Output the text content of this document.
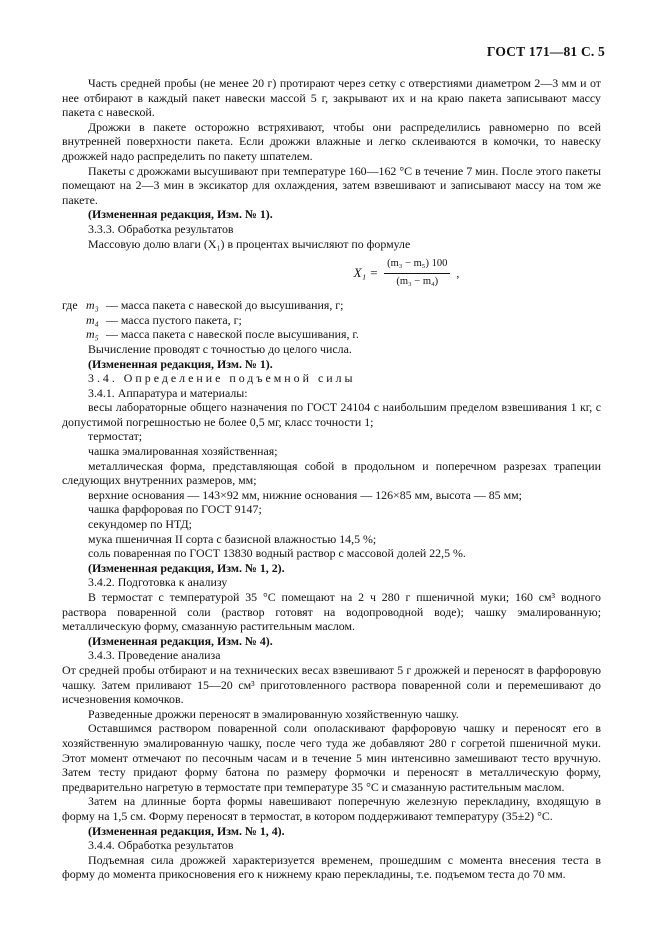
ГОСТ 171—81 С. 5

Часть средней пробы (не менее 20 г) протирают через сетку с отверстиями диаметром 2—3 мм и от нее отбирают в каждый пакет навески массой 5 г, закрывают их и на краю пакета записывают массу пакета с навеской.

Дрожжи в пакете осторожно встряхивают, чтобы они распределились равномерно по всей внутренней поверхности пакета. Если дрожжи влажные и легко склеиваются в комочки, то навеску дрожжей надо распределить по пакету шпателем.

Пакеты с дрожжами высушивают при температуре 160—162 °С в течение 7 мин. После этого пакеты помещают на 2—3 мин в эксикатор для охлаждения, затем взвешивают и записывают массу на том же пакете.

(Измененная редакция, Изм. № 1).

3.3.3. Обработка результатов

Массовую долю влаги (X₁) в процентах вычисляют по формуле

$X_1 = \frac{\text{(m₃ − m₅) 100}}{\text{(m₃ − m₄)}}$ ,
где m₃ — масса пакета с навеской до высушивания, г;
m₄ — масса пустого пакета, г;
m₅ — масса пакета с навеской после высушивания, г.

Вычисление проводят с точностью до целого числа.

(Измененная редакция, Изм. № 1).

3.4. Определение подъемной силы

3.4.1. Аппаратура и материалы:

весы лабораторные общего назначения по ГОСТ 24104 с наибольшим пределом взвешивания 1 кг, с допустимой погрешностью не более 0,5 мг, класс точности 1;

термостат;

чашка эмалированная хозяйственная;

металлическая форма, представляющая собой в продольном и поперечном разрезах трапеции следующих внутренних размеров, мм;

верхние основания — 143×92 мм, нижние основания — 126×85 мм, высота — 85 мм;

чашка фарфоровая по ГОСТ 9147;

секундомер по НТД;

мука пшеничная II сорта с базисной влажностью 14,5 %;

соль поваренная по ГОСТ 13830 водный раствор с массовой долей 22,5 %.

(Измененная редакция, Изм. № 1, 2).

3.4.2. Подготовка к анализу

В термостат с температурой 35 °С помещают на 2 ч 280 г пшеничной муки; 160 см³ водного раствора поваренной соли (раствор готовят на водопроводной воде); чашку эмалированную; металлическую форму, смазанную растительным маслом.

(Измененная редакция, Изм. № 4).

3.4.3. Проведение анализа

От средней пробы отбирают и на технических весах взвешивают 5 г дрожжей и переносят в фарфоровую чашку. Затем приливают 15—20 см³ приготовленного раствора поваренной соли и перемешивают до исчезновения комочков.

Разведенные дрожжи переносят в эмалированную хозяйственную чашку.

Оставшимся раствором поваренной соли ополаскивают фарфоровую чашку и переносят его в хозяйственную эмалированную чашку, после чего туда же добавляют 280 г согретой пшеничной муки. Этот момент отмечают по песочным часам и в течение 5 мин интенсивно замешивают тесто вручную. Затем тесту придают форму батона по размеру формочки и переносят в металлическую форму, предварительно нагретую в термостате при температуре 35 °С и смазанную растительным маслом.

Затем на длинные борта формы навешивают поперечную железную перекладину, входящую в форму на 1,5 см. Форму переносят в термостат, в котором поддерживают температуру (35±2) °С.

(Измененная редакция, Изм. № 1, 4).

3.4.4. Обработка результатов

Подъемная сила дрожжей характеризуется временем, прошедшим с момента внесения теста в форму до момента прикосновения его к нижнему краю перекладины, т.е. подъемом теста до 70 мм.
